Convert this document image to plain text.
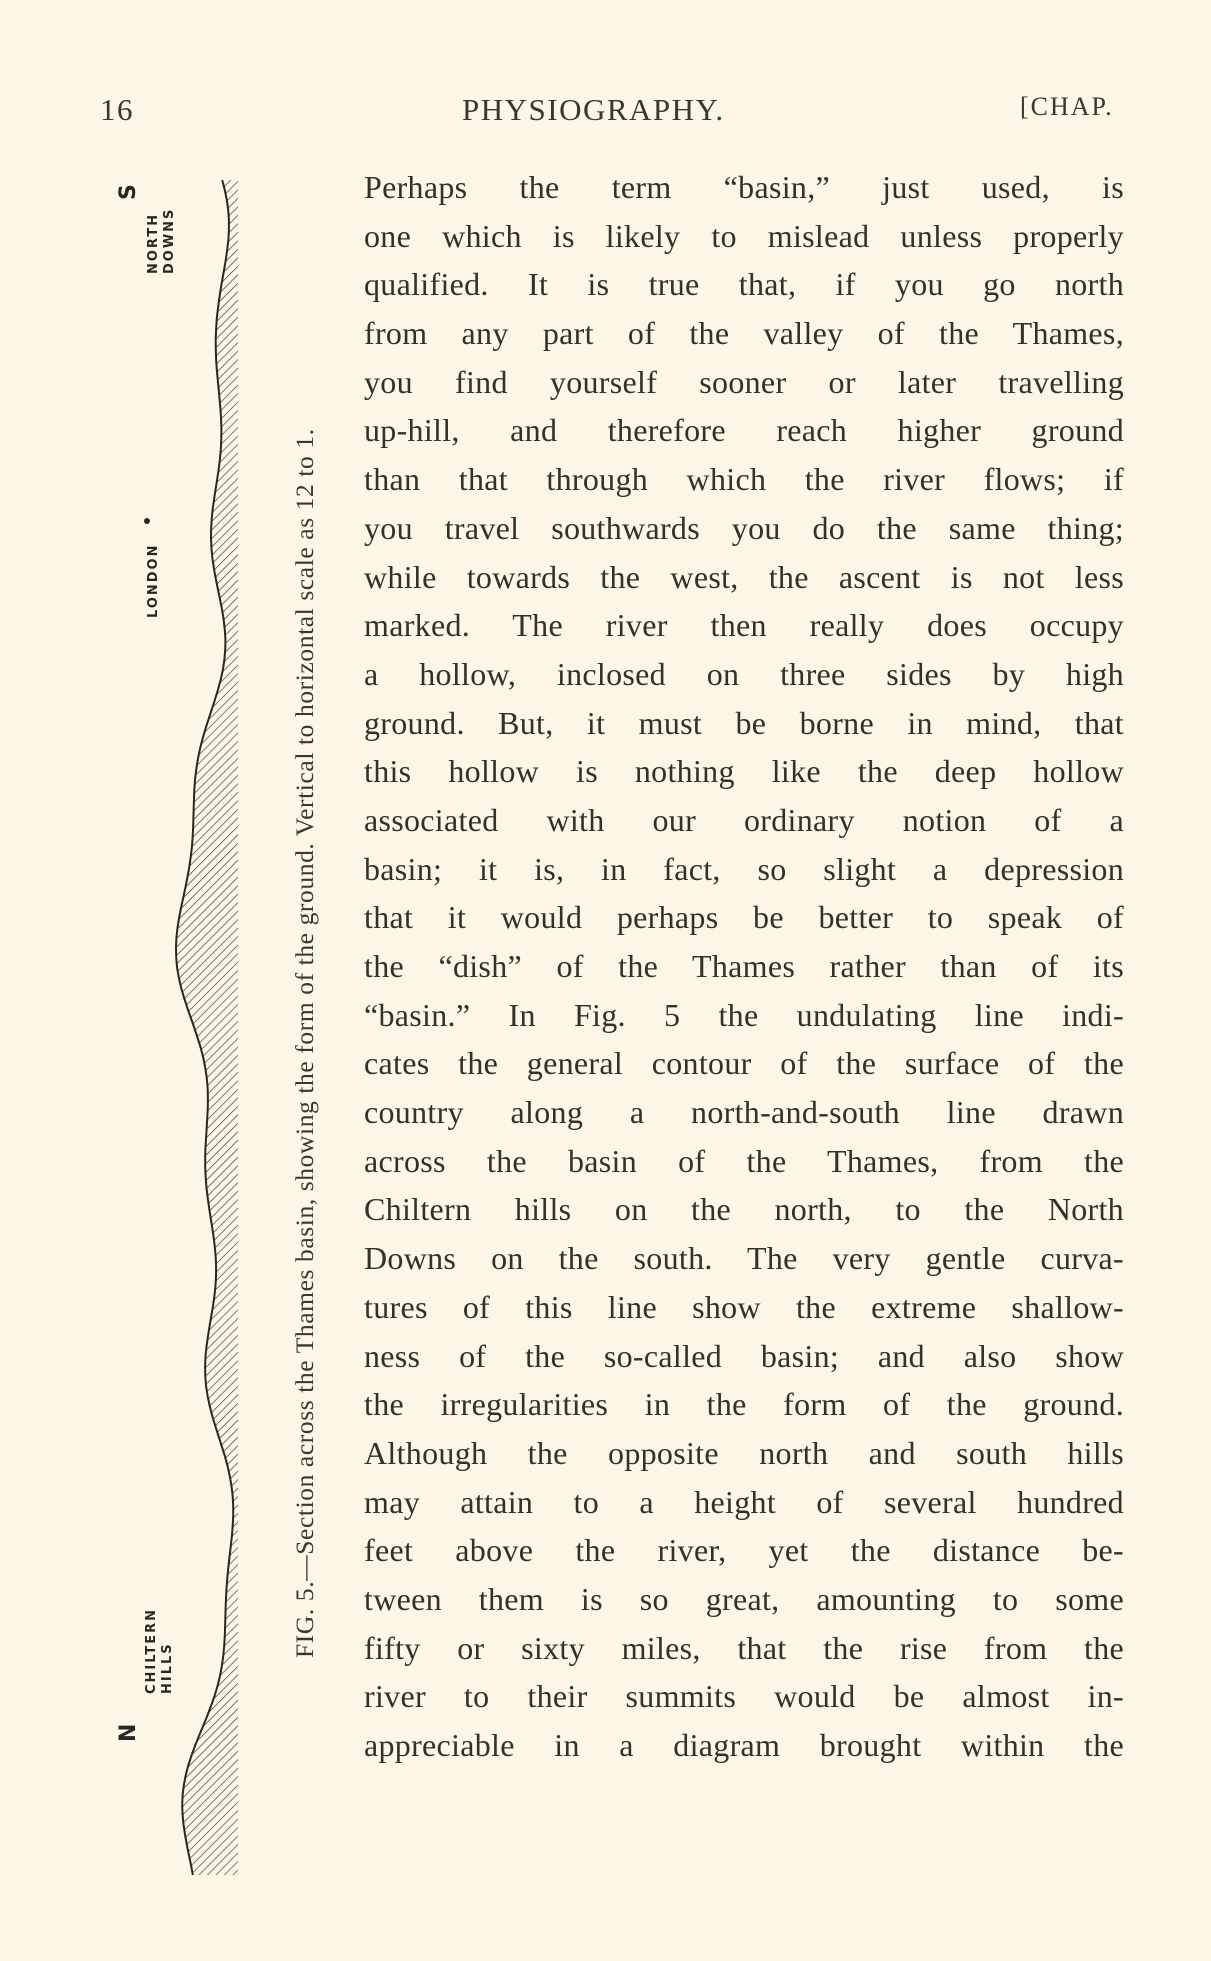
16	PHYSIOGRAPHY.	[CHAP.
S
NORTH DOWNS
LONDON
CHILTERN HILLS
N
FIG. 5.—Section across the Thames basin, showing the form of the ground. Vertical to horizontal scale as 12 to 1.
Perhaps the term “basin,” just used, is
one which is likely to mislead unless properly
qualified. It is true that, if you go north
from any part of the valley of the Thames,
you find yourself sooner or later travelling
up-hill, and therefore reach higher ground
than that through which the river flows; if
you travel southwards you do the same thing;
while towards the west, the ascent is not less
marked. The river then really does occupy
a hollow, inclosed on three sides by high
ground. But, it must be borne in mind, that
this hollow is nothing like the deep hollow
associated with our ordinary notion of a
basin; it is, in fact, so slight a depression
that it would perhaps be better to speak of
the “dish” of the Thames rather than of its
“basin.” In Fig. 5 the undulating line indi-
cates the general contour of the surface of the
country along a north-and-south line drawn
across the basin of the Thames, from the
Chiltern hills on the north, to the North
Downs on the south. The very gentle curva-
tures of this line show the extreme shallow-
ness of the so-called basin; and also show
the irregularities in the form of the ground.
Although the opposite north and south hills
may attain to a height of several hundred
feet above the river, yet the distance be-
tween them is so great, amounting to some
fifty or sixty miles, that the rise from the
river to their summits would be almost in-
appreciable in a diagram brought within the
